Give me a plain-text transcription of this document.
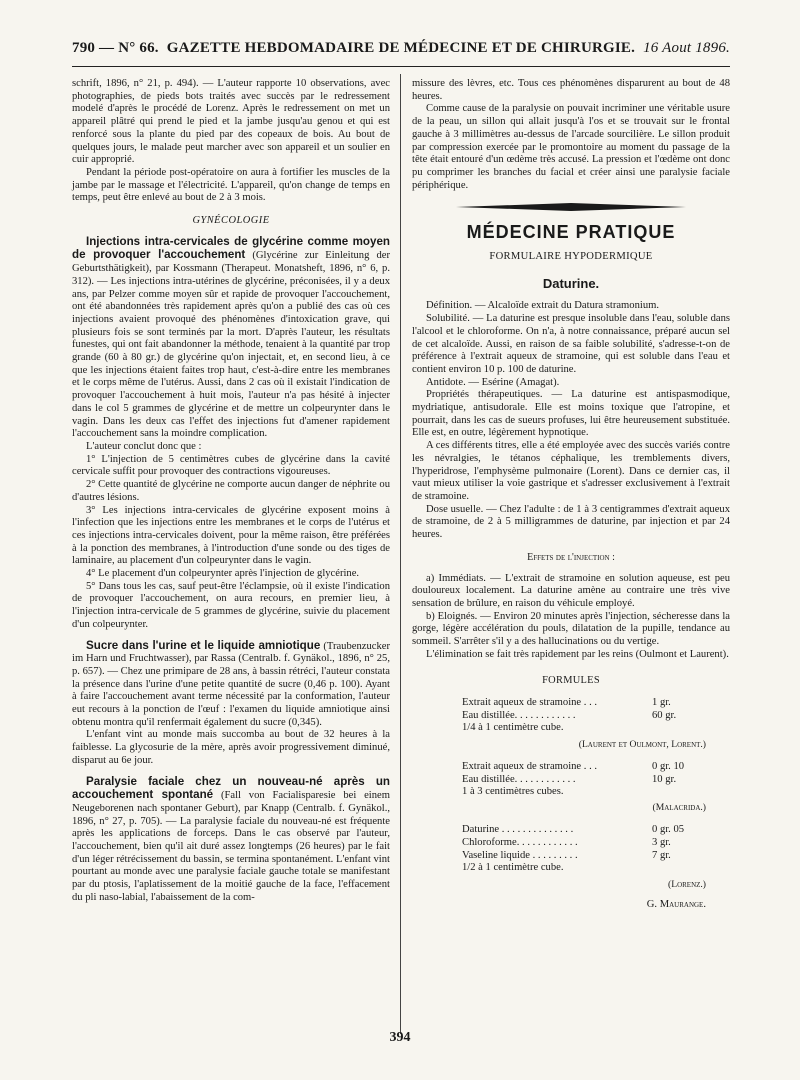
790 — N° 66. GAZETTE HEBDOMADAIRE DE MÉDECINE ET DE CHIRURGIE. 16 Aout 1896.

schrift, 1896, n° 21, p. 494). — L'auteur rapporte 10 observations, avec photographies, de pieds bots traités avec succès par le redressement modelé d'après le procédé de Lorenz. Après le redressement on met un appareil plâtré qui prend le pied et la jambe jusqu'au genou et qui est renforcé sous la plante du pied par des copeaux de bois. Au bout de quelques jours, le malade peut marcher avec son appareil et un soulier en cuir approprié.

Pendant la période post-opératoire on aura à fortifier les muscles de la jambe par le massage et l'électricité. L'appareil, qu'on change de temps en temps, peut être enlevé au bout de 2 à 3 mois.

GYNÉCOLOGIE

Injections intra-cervicales de glycérine comme moyen de provoquer l'accouchement (Glycérine zur Einleitung der Geburtsthätigkeit), par Kossmann (Therapeut. Monatsheft, 1896, n° 6, p. 312). — Les injections intra-utérines de glycérine, préconisées, il y a deux ans, par Pelzer comme moyen sûr et rapide de provoquer l'accouchement, ont été abandonnées très rapidement après qu'on a publié des cas où ces injections avaient provoqué des phénomènes d'intoxication grave, qui plusieurs fois se sont terminés par la mort. D'après l'auteur, les résultats funestes, qui ont fait abandonner la méthode, tenaient à la quantité par trop grande (60 à 80 gr.) de glycérine qu'on injectait, et, en second lieu, à ce que les injections étaient faites trop haut, c'est-à-dire entre les membranes et le corps même de l'utérus. Aussi, dans 2 cas où il existait l'indication de provoquer l'accouchement à huit mois, l'auteur n'a pas hésité à injecter dans le col 5 grammes de glycérine et de mettre un colpeurynter dans le vagin. Dans les deux cas l'effet des injections fut d'amener rapidement l'accouchement sans la moindre complication.

L'auteur conclut donc que :

1° L'injection de 5 centimètres cubes de glycérine dans la cavité cervicale suffit pour provoquer des contractions vigoureuses.

2° Cette quantité de glycérine ne comporte aucun danger de néphrite ou d'autres lésions.

3° Les injections intra-cervicales de glycérine exposent moins à l'infection que les injections entre les membranes et le corps de l'utérus et ces injections intra-cervicales doivent, pour la même raison, être préférées à la ponction des membranes, à l'introduction d'une sonde ou des tiges de laminaire, au placement d'un colpeurynter dans le vagin.

4° Le placement d'un colpeurynter après l'injection de glycérine.

5° Dans tous les cas, sauf peut-être l'éclampsie, où il existe l'indication de provoquer l'accouchement, on aura recours, en premier lieu, à l'injection intra-cervicale de 5 grammes de glycérine, suivie du placement d'un colpeurynter.

Sucre dans l'urine et le liquide amniotique (Traubenzucker im Harn und Fruchtwasser), par Rassa (Centralb. f. Gynäkol., 1896, n° 25, p. 657). — Chez une primipare de 28 ans, à bassin rétréci, l'auteur constata la présence dans l'urine d'une petite quantité de sucre (0,46 p. 100). Ayant à faire l'accouchement avant terme nécessité par la conformation, l'auteur eut recours à la ponction de l'œuf : l'examen du liquide amniotique ainsi obtenu montra qu'il renfermait également du sucre (0,345).

L'enfant vint au monde mais succomba au bout de 32 heures à la faiblesse. La glycosurie de la mère, après avoir progressivement diminué, disparut au 6e jour.

Paralysie faciale chez un nouveau-né après un accouchement spontané (Fall von Facialisparesie bei einem Neugeborenen nach spontaner Geburt), par Knapp (Centralb. f. Gynäkol., 1896, n° 27, p. 705). — La paralysie faciale du nouveau-né est fréquente après les applications de forceps. Dans le cas observé par l'auteur, l'accouchement, bien qu'il ait duré assez longtemps (26 heures) par le fait d'un léger rétrécissement du bassin, se termina spontanément. L'enfant vint pourtant au monde avec une paralysie faciale gauche totale se manifestant par du ptosis, l'aplatissement de la moitié gauche de la face, l'effacement du pli naso-labial, l'abaissement de la com-

missure des lèvres, etc. Tous ces phénomènes disparurent au bout de 48 heures.

Comme cause de la paralysie on pouvait incriminer une véritable usure de la peau, un sillon qui allait jusqu'à l'os et se trouvait sur le frontal gauche à 3 millimètres au-dessus de l'arcade sourcilière. Le sillon produit par compression exercée par le promontoire au moment du passage de la tête était entouré d'un œdème très accusé. La pression et l'œdème ont donc pu comprimer les branches du facial et créer ainsi une paralysie faciale périphérique.

MÉDECINE PRATIQUE
FORMULAIRE HYPODERMIQUE
Daturine.

Définition. — Alcaloïde extrait du Datura stramonium.

Solubilité. — La daturine est presque insoluble dans l'eau, soluble dans l'alcool et le chloroforme. On n'a, à notre connaissance, préparé aucun sel de cet alcaloïde. Aussi, en raison de sa faible solubilité, s'adresse-t-on de préférence à l'extrait aqueux de stramoine, qui est soluble dans l'eau et contient environ 10 p. 100 de daturine.

Antidote. — Esérine (Amagat).

Propriétés thérapeutiques. — La daturine est antispasmodique, mydriatique, antisudorale. Elle est moins toxique que l'atropine, et pourrait, dans les cas de sueurs profuses, lui être heureusement substituée. Elle est, en outre, légèrement hypnotique.

A ces différents titres, elle a été employée avec des succès variés contre les névralgies, le tétanos céphalique, les tremblements divers, l'hyperidrose, l'emphysème pulmonaire (Lorent). Dans ce dernier cas, il vaut mieux utiliser la voie gastrique et s'adresser exclusivement à l'extrait de stramoine.

Dose usuelle. — Chez l'adulte : de 1 à 3 centigrammes d'extrait aqueux de stramoine, de 2 à 5 milligrammes de daturine, par injection et par 24 heures.

Effets de l'injection :

a) Immédiats. — L'extrait de stramoine en solution aqueuse, est peu douloureux localement. La daturine amène au contraire une très vive sensation de brûlure, en raison du véhicule employé.

b) Eloignés. — Environ 20 minutes après l'injection, sécheresse dans la gorge, légère accélération du pouls, dilatation de la pupille, tendance au sommeil. S'arrêter s'il y a des hallucinations ou du vertige.

L'élimination se fait très rapidement par les reins (Oulmont et Laurent).

FORMULES
Extrait aqueux de stramoine . . .	1 gr.
Eau distillée. . . . . . . . . . . .	60 gr.
1/4 à 1 centimètre cube.
(Laurent et Oulmont, Lorent.)
Extrait aqueux de stramoine . . .	0 gr. 10
Eau distillée. . . . . . . . . . . .	10 gr.
1 à 3 centimètres cubes.
(Malacrida.)
Daturine . . . . . . . . . . . . . .	0 gr. 05
Chloroforme. . . . . . . . . . . .	3 gr.
Vaseline liquide . . . . . . . . .	7 gr.
1/2 à 1 centimètre cube.
(Lorenz.)
G. Maurange.
394
